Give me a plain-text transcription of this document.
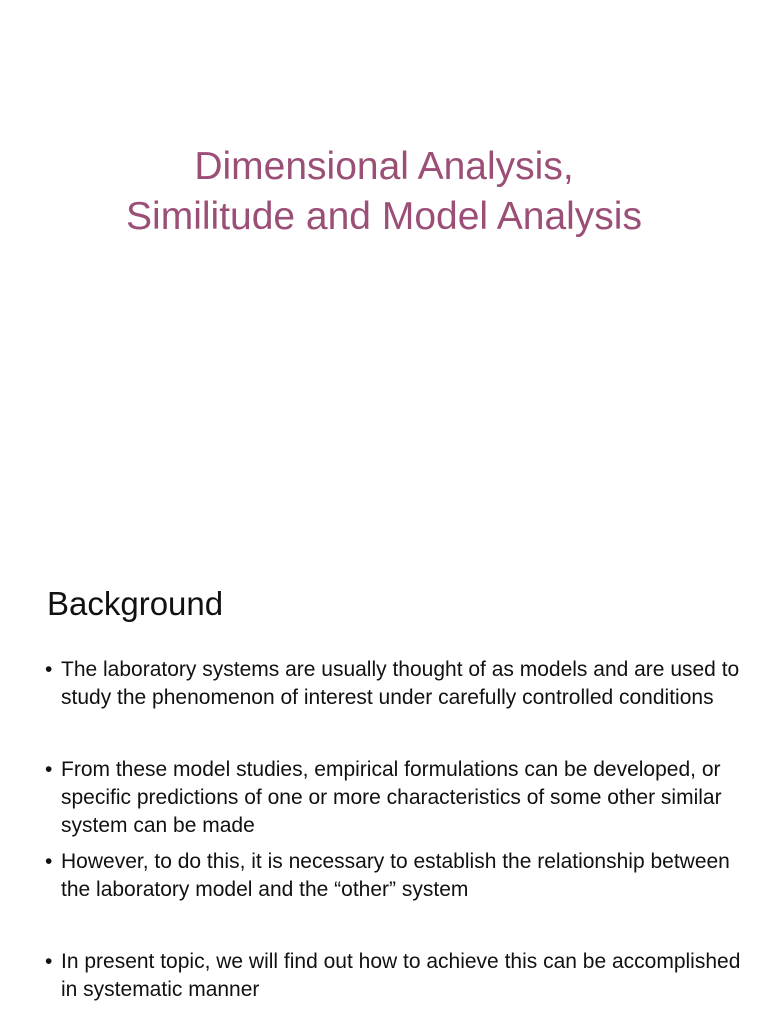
Dimensional Analysis,
Similitude and Model Analysis
Background
• The laboratory systems are usually thought of as models and are used to study the phenomenon of interest under carefully controlled conditions
• From these model studies, empirical formulations can be developed, or specific predictions of one or more characteristics of some other similar system can be made
• However, to do this, it is necessary to establish the relationship between the laboratory model and the “other” system
• In present topic, we will find out how to achieve this can be accomplished in systematic manner
